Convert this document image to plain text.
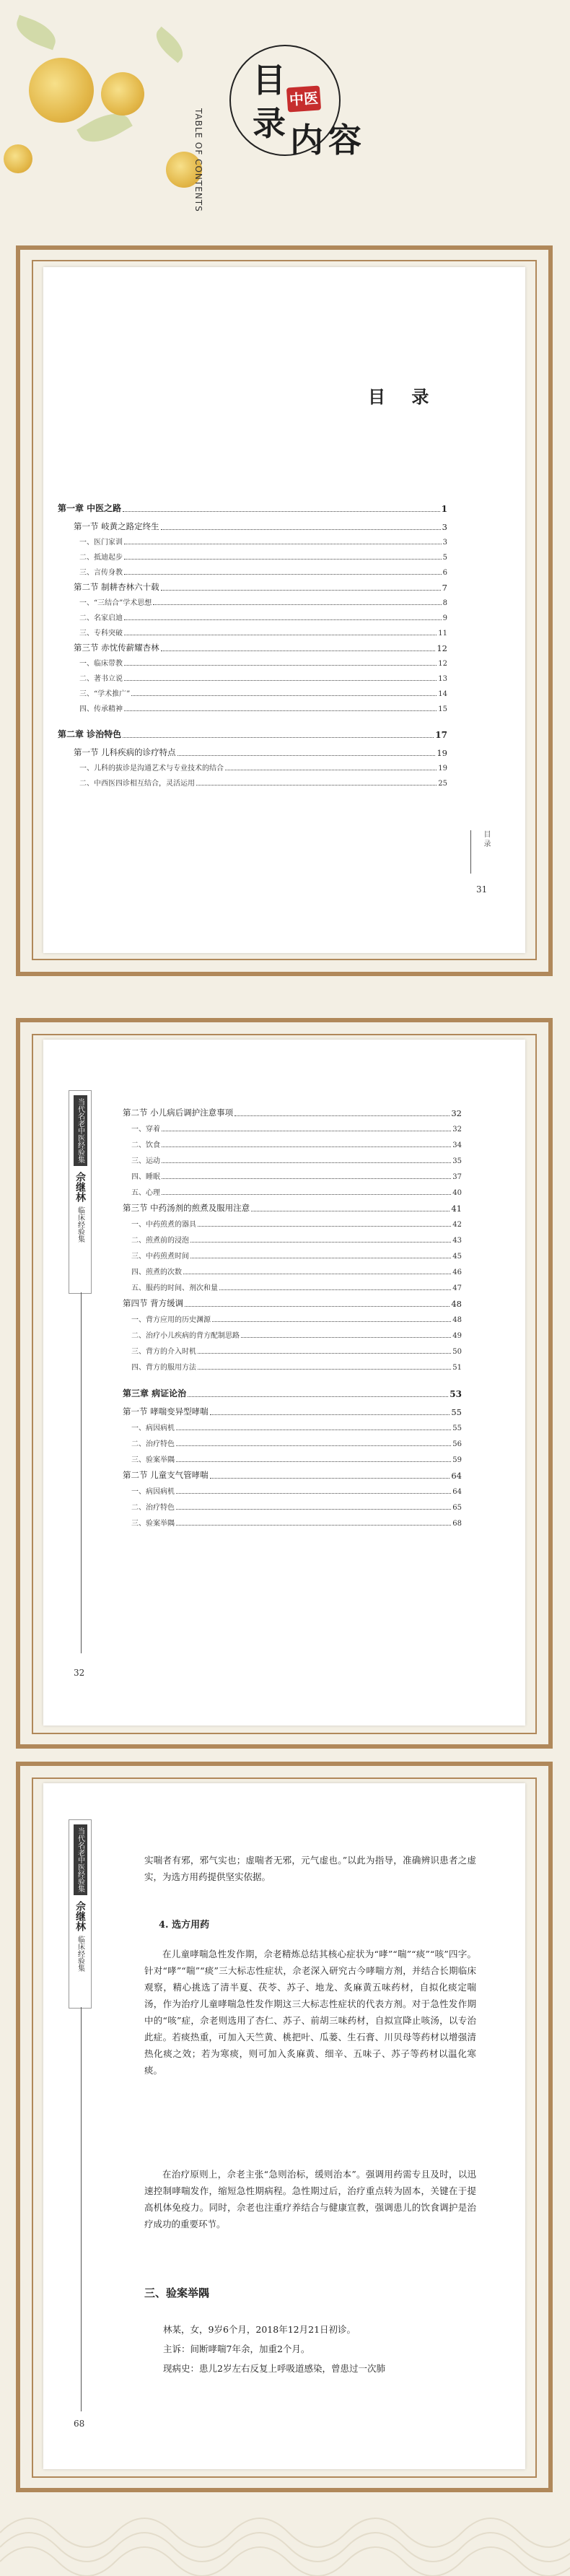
目
录 内 容
中医
TABLE OF CONTENTS
目 录
第一章 中医之路	1
第一节 岐黄之路定终生	3
一、医门家训	3
二、抵迪起步	5
三、言传身教	6
第二节 制耕杏林六十载	7
一、“三结合”学术思想	8
二、名家启迪	9
三、专科突破	11
第三节 赤忱传薪耀杏林	12
一、临床带教	12
二、著书立说	13
三、“学术推广”	14
四、传承精神	15
第二章 诊治特色	17
第一节 儿科疾病的诊疗特点	19
一、儿科的拔诊是沟通艺术与专业技术的结合	19
二、中西医四诊相互结合，灵活运用	25
目 录
31
当代名老中医经验集
佘继林
临床经验集
32
第二节 小儿病后调护注意事项	32
一、穿着	32
二、饮食	34
三、运动	35
四、睡眠	37
五、心理	40
第三节 中药汤剂的煎煮及服用注意	41
一、中药煎煮的器具	42
二、煎煮前的浸泡	43
三、中药煎煮时间	45
四、煎煮的次数	46
五、服药的时间、剂次和量	47
第四节 背方缓调	48
一、背方应用的历史渊源	48
二、治疗小儿疾病的背方配制思路	49
三、背方的介入时机	50
四、背方的服用方法	51
第三章 病证论治	53
第一节 哮喘变异型哮喘	55
一、病因病机	55
二、治疗特色	56
三、验案举隅	59
第二节 儿童支气管哮喘	64
一、病因病机	64
二、治疗特色	65
三、验案举隅	68
当代名老中医经验集
佘继林
临床经验集
68
实喘者有邪，邪气实也；虚喘者无邪，元气虚也。”以此为指导，准确辨识患者之虚实，为选方用药提供坚实依据。
4. 选方用药
在儿童哮喘急性发作期，佘老精炼总结其核心症状为“哮”“喘”“痰”“咳”四字。针对“哮”“喘”“痰”三大标志性症状，佘老深入研究古今哮喘方剂，并结合长期临床观察，精心挑选了清半夏、茯苓、苏子、地龙、炙麻黄五味药材，自拟化痰定喘汤，作为治疗儿童哮喘急性发作期这三大标志性症状的代表方剂。对于急性发作期中的“咳”症，佘老则选用了杏仁、苏子、前胡三味药材，自拟宣降止咳汤，以专治此症。若痰热重，可加入天竺黄、桃把叶、瓜蒌、生石膏、川贝母等药材以增强清热化痰之效；若为寒痰，则可加入炙麻黄、细辛、五味子、苏子等药材以温化寒痰。
在治疗原则上，佘老主张“急则治标，缓则治本”。强调用药需专且及时，以迅速控制哮喘发作，缩短急性期病程。急性期过后，治疗重点转为固本，关键在于提高机体免疫力。同时，佘老也注重疗养结合与健康宣教，强调患儿的饮食调护是治疗成功的重要环节。
三、验案举隅
林某，女，9岁6个月，2018年12月21日初诊。
主诉：间断哮喘7年余，加重2个月。
现病史：患儿2岁左右反复上呼吸道感染，曾患过一次肺
